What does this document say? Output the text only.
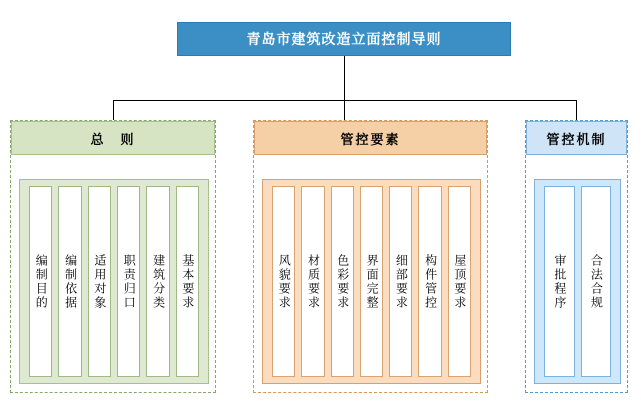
青岛市建筑改造立面控制导则
总　则
编制目的	编制依据	适用对象	职责归口	建筑分类	基本要求
管控要素
风貌要求	材质要求	色彩要求	界面完整	细部要求	构件管控	屋顶要求
管控机制
审批程序	合法合规
